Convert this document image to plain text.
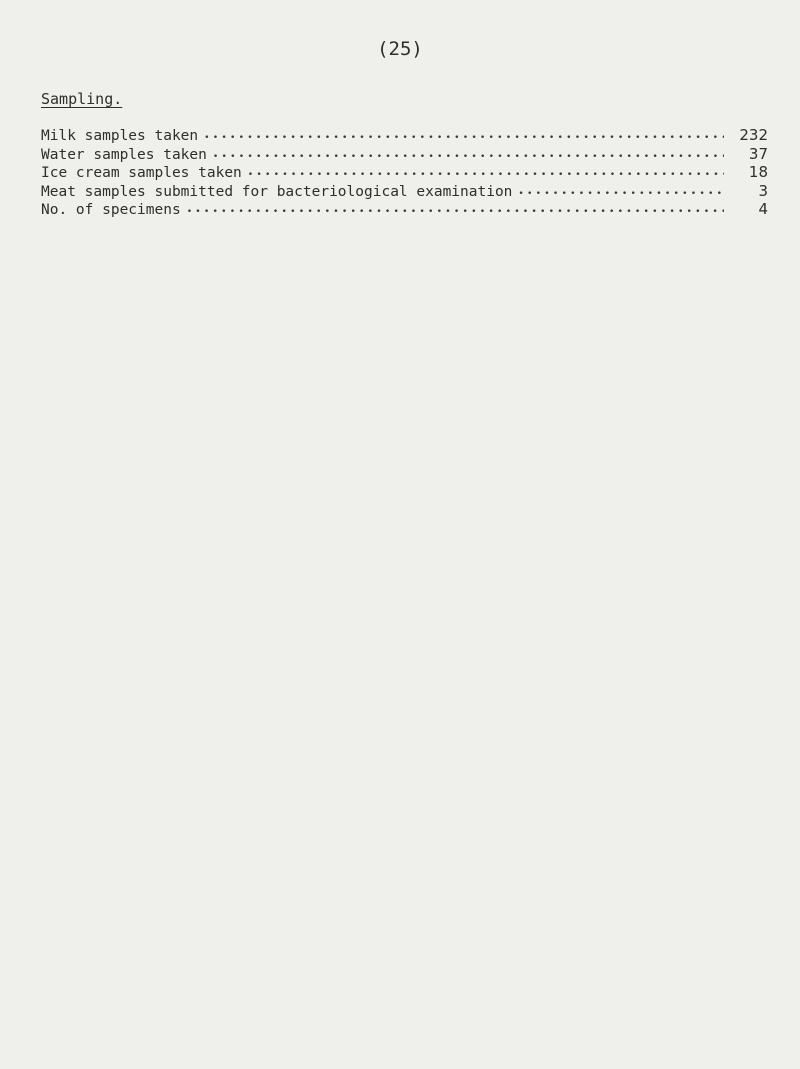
(25)
Sampling.
Milk samples taken •••••	232
Water samples taken •••••	37
Ice cream samples taken •••••	18
Meat samples submitted for bacteriological examination •••••	3
No. of specimens •••••	4
